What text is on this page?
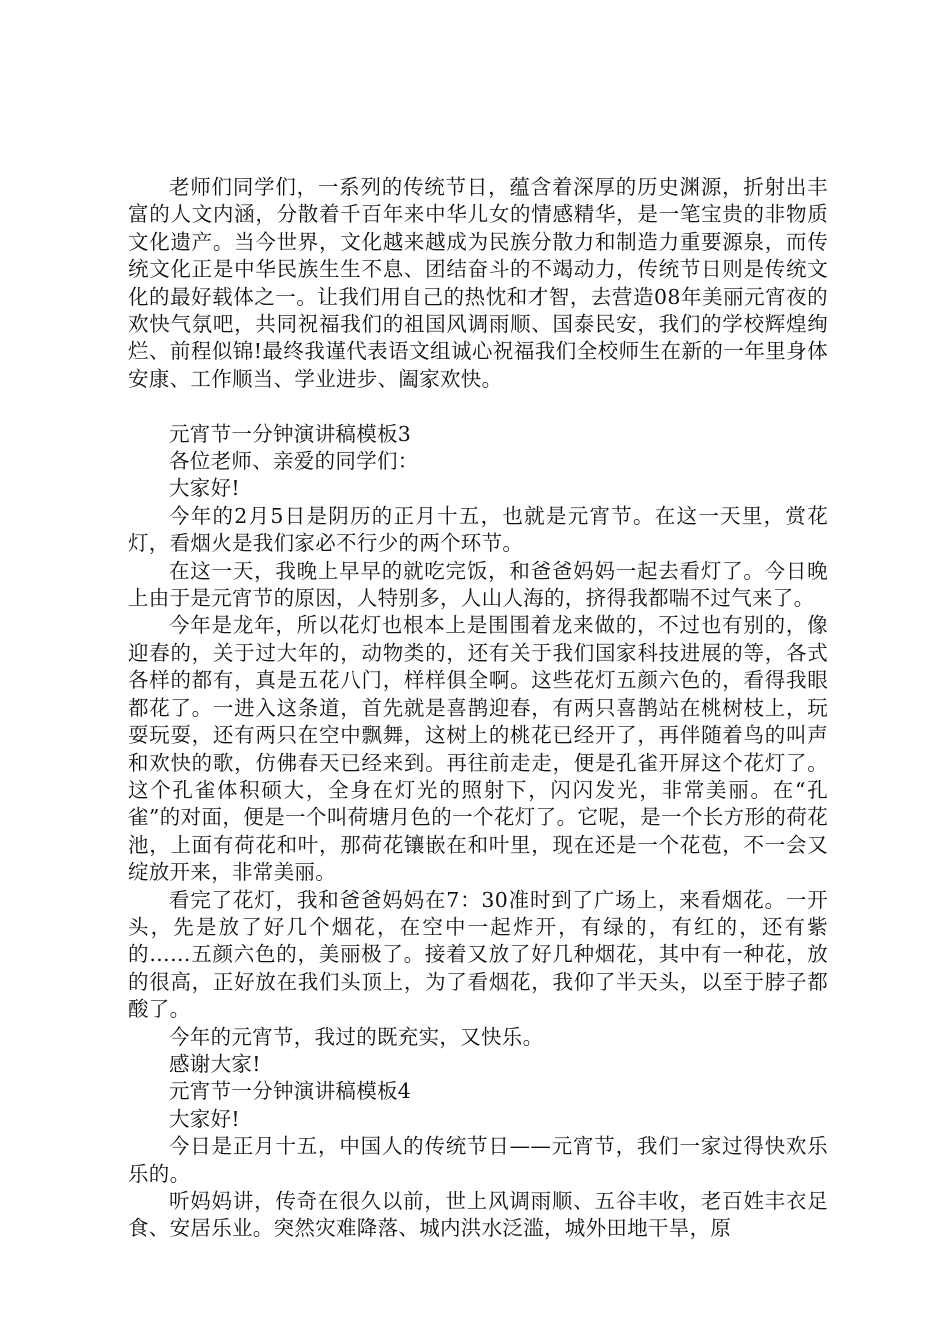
老师们同学们，一系列的传统节日，蕴含着深厚的历史渊源，折射出丰富的人文内涵，分散着千百年来中华儿女的情感精华，是一笔宝贵的非物质文化遗产。当今世界，文化越来越成为民族分散力和制造力重要源泉，而传统文化正是中华民族生生不息、团结奋斗的不竭动力，传统节日则是传统文化的最好载体之一。让我们用自己的热忱和才智，去营造08年美丽元宵夜的欢快气氛吧，共同祝福我们的祖国风调雨顺、国泰民安，我们的学校辉煌绚烂、前程似锦!最终我谨代表语文组诚心祝福我们全校师生在新的一年里身体安康、工作顺当、学业进步、阖家欢快。

元宵节一分钟演讲稿模板3

各位老师、亲爱的同学们：

大家好!

今年的2月5日是阴历的正月十五，也就是元宵节。在这一天里，赏花灯，看烟火是我们家必不行少的两个环节。

在这一天，我晚上早早的就吃完饭，和爸爸妈妈一起去看灯了。今日晚上由于是元宵节的原因，人特别多，人山人海的，挤得我都喘不过气来了。

今年是龙年，所以花灯也根本上是围围着龙来做的，不过也有别的，像迎春的，关于过大年的，动物类的，还有关于我们国家科技进展的等，各式各样的都有，真是五花八门，样样俱全啊。这些花灯五颜六色的，看得我眼都花了。一进入这条道，首先就是喜鹊迎春，有两只喜鹊站在桃树枝上，玩耍玩耍，还有两只在空中飘舞，这树上的桃花已经开了，再伴随着鸟的叫声和欢快的歌，仿佛春天已经来到。再往前走走，便是孔雀开屏这个花灯了。这个孔雀体积硕大，全身在灯光的照射下，闪闪发光，非常美丽。在“孔雀”的对面，便是一个叫荷塘月色的一个花灯了。它呢，是一个长方形的荷花池，上面有荷花和叶，那荷花镶嵌在和叶里，现在还是一个花苞，不一会又绽放开来，非常美丽。

看完了花灯，我和爸爸妈妈在7：30准时到了广场上，来看烟花。一开头，先是放了好几个烟花，在空中一起炸开，有绿的，有红的，还有紫的……五颜六色的，美丽极了。接着又放了好几种烟花，其中有一种花，放的很高，正好放在我们头顶上，为了看烟花，我仰了半天头，以至于脖子都酸了。

今年的元宵节，我过的既充实，又快乐。

感谢大家!

元宵节一分钟演讲稿模板4

大家好!

今日是正月十五，中国人的传统节日——元宵节，我们一家过得快欢乐乐的。

听妈妈讲，传奇在很久以前，世上风调雨顺、五谷丰收，老百姓丰衣足食、安居乐业。突然灾难降落、城内洪水泛滥，城外田地干旱，原
